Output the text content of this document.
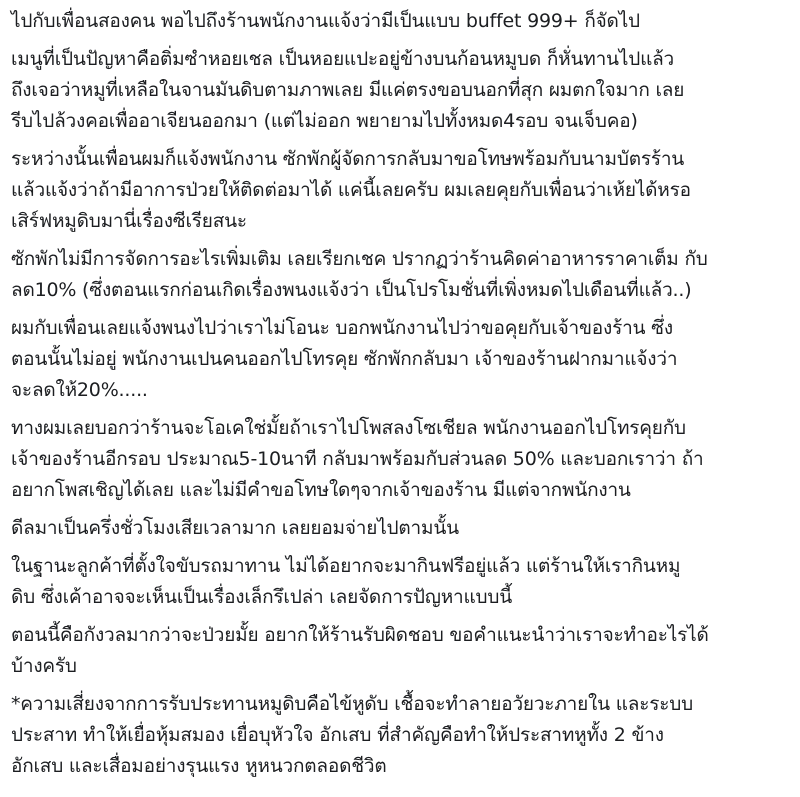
ไปกับเพื่อนสองคน พอไปถึงร้านพนักงานแจ้งว่ามีเป็นแบบ buffet 999+ ก็จัดไป
เมนูที่เป็นปัญหาคือติ่มซำหอยเชล เป็นหอยแปะอยู่ข้างบนก้อนหมูบด ก็หั่นทานไปแล้ว
ถึงเจอว่าหมูที่เหลือในจานมันดิบตามภาพเลย มีแค่ตรงขอบนอกที่สุก ผมตกใจมาก เลย
รีบไปล้วงคอเพื่ออาเจียนออกมา (แต่ไม่ออก พยายามไปทั้งหมด4รอบ จนเจ็บคอ)
ระหว่างนั้นเพื่อนผมก็แจ้งพนักงาน ซักพักผู้จัดการกลับมาขอโทษพร้อมกับนามบัตรร้าน
แล้วแจ้งว่าถ้ามีอาการป่วยให้ติดต่อมาได้ แค่นี้เลยครับ ผมเลยคุยกับเพื่อนว่าเห้ยได้หรอ
เสิร์ฟหมูดิบมานี่เรื่องซีเรียสนะ
ซักพักไม่มีการจัดการอะไรเพิ่มเติม เลยเรียกเชค ปรากฏว่าร้านคิดค่าอาหารราคาเต็ม กับ
ลด10% (ซึ่งตอนแรกก่อนเกิดเรื่องพนงแจ้งว่า เป็นโปรโมชั่นที่เพิ่งหมดไปเดือนที่แล้ว..)
ผมกับเพื่อนเลยแจ้งพนงไปว่าเราไม่โอนะ บอกพนักงานไปว่าขอคุยกับเจ้าของร้าน ซึ่ง
ตอนนั้นไม่อยู่ พนักงานเปนคนออกไปโทรคุย ซักพักกลับมา เจ้าของร้านฝากมาแจ้งว่า
จะลดให้20%.....
ทางผมเลยบอกว่าร้านจะโอเคใช่มั้ยถ้าเราไปโพสลงโซเชียล พนักงานออกไปโทรคุยกับ
เจ้าของร้านอีกรอบ ประมาณ5-10นาที กลับมาพร้อมกับส่วนลด 50% และบอกเราว่า ถ้า
อยากโพสเชิญได้เลย และไม่มีคำขอโทษใดๆจากเจ้าของร้าน มีแต่จากพนักงาน
ดีลมาเป็นครึ่งชั่วโมงเสียเวลามาก เลยยอมจ่ายไปตามนั้น
ในฐานะลูกค้าที่ตั้งใจขับรถมาทาน ไม่ได้อยากจะมากินฟรีอยู่แล้ว แต่ร้านให้เรากินหมู
ดิบ ซึ่งเค้าอาจจะเห็นเป็นเรื่องเล็กรึเปล่า เลยจัดการปัญหาแบบนี้
ตอนนี้คือกังวลมากว่าจะป่วยมั้ย อยากให้ร้านรับผิดชอบ ขอคำแนะนำว่าเราจะทำอะไรได้
บ้างครับ
*ความเสี่ยงจากการรับประทานหมูดิบคือไข้หูดับ เชื้อจะทำลายอวัยวะภายใน และระบบ
ประสาท ทำให้เยื่อหุ้มสมอง เยื่อบุหัวใจ อักเสบ ที่สำคัญคือทำให้ประสาทหูทั้ง 2 ข้าง
อักเสบ และเสื่อมอย่างรุนแรง หูหนวกตลอดชีวิต
